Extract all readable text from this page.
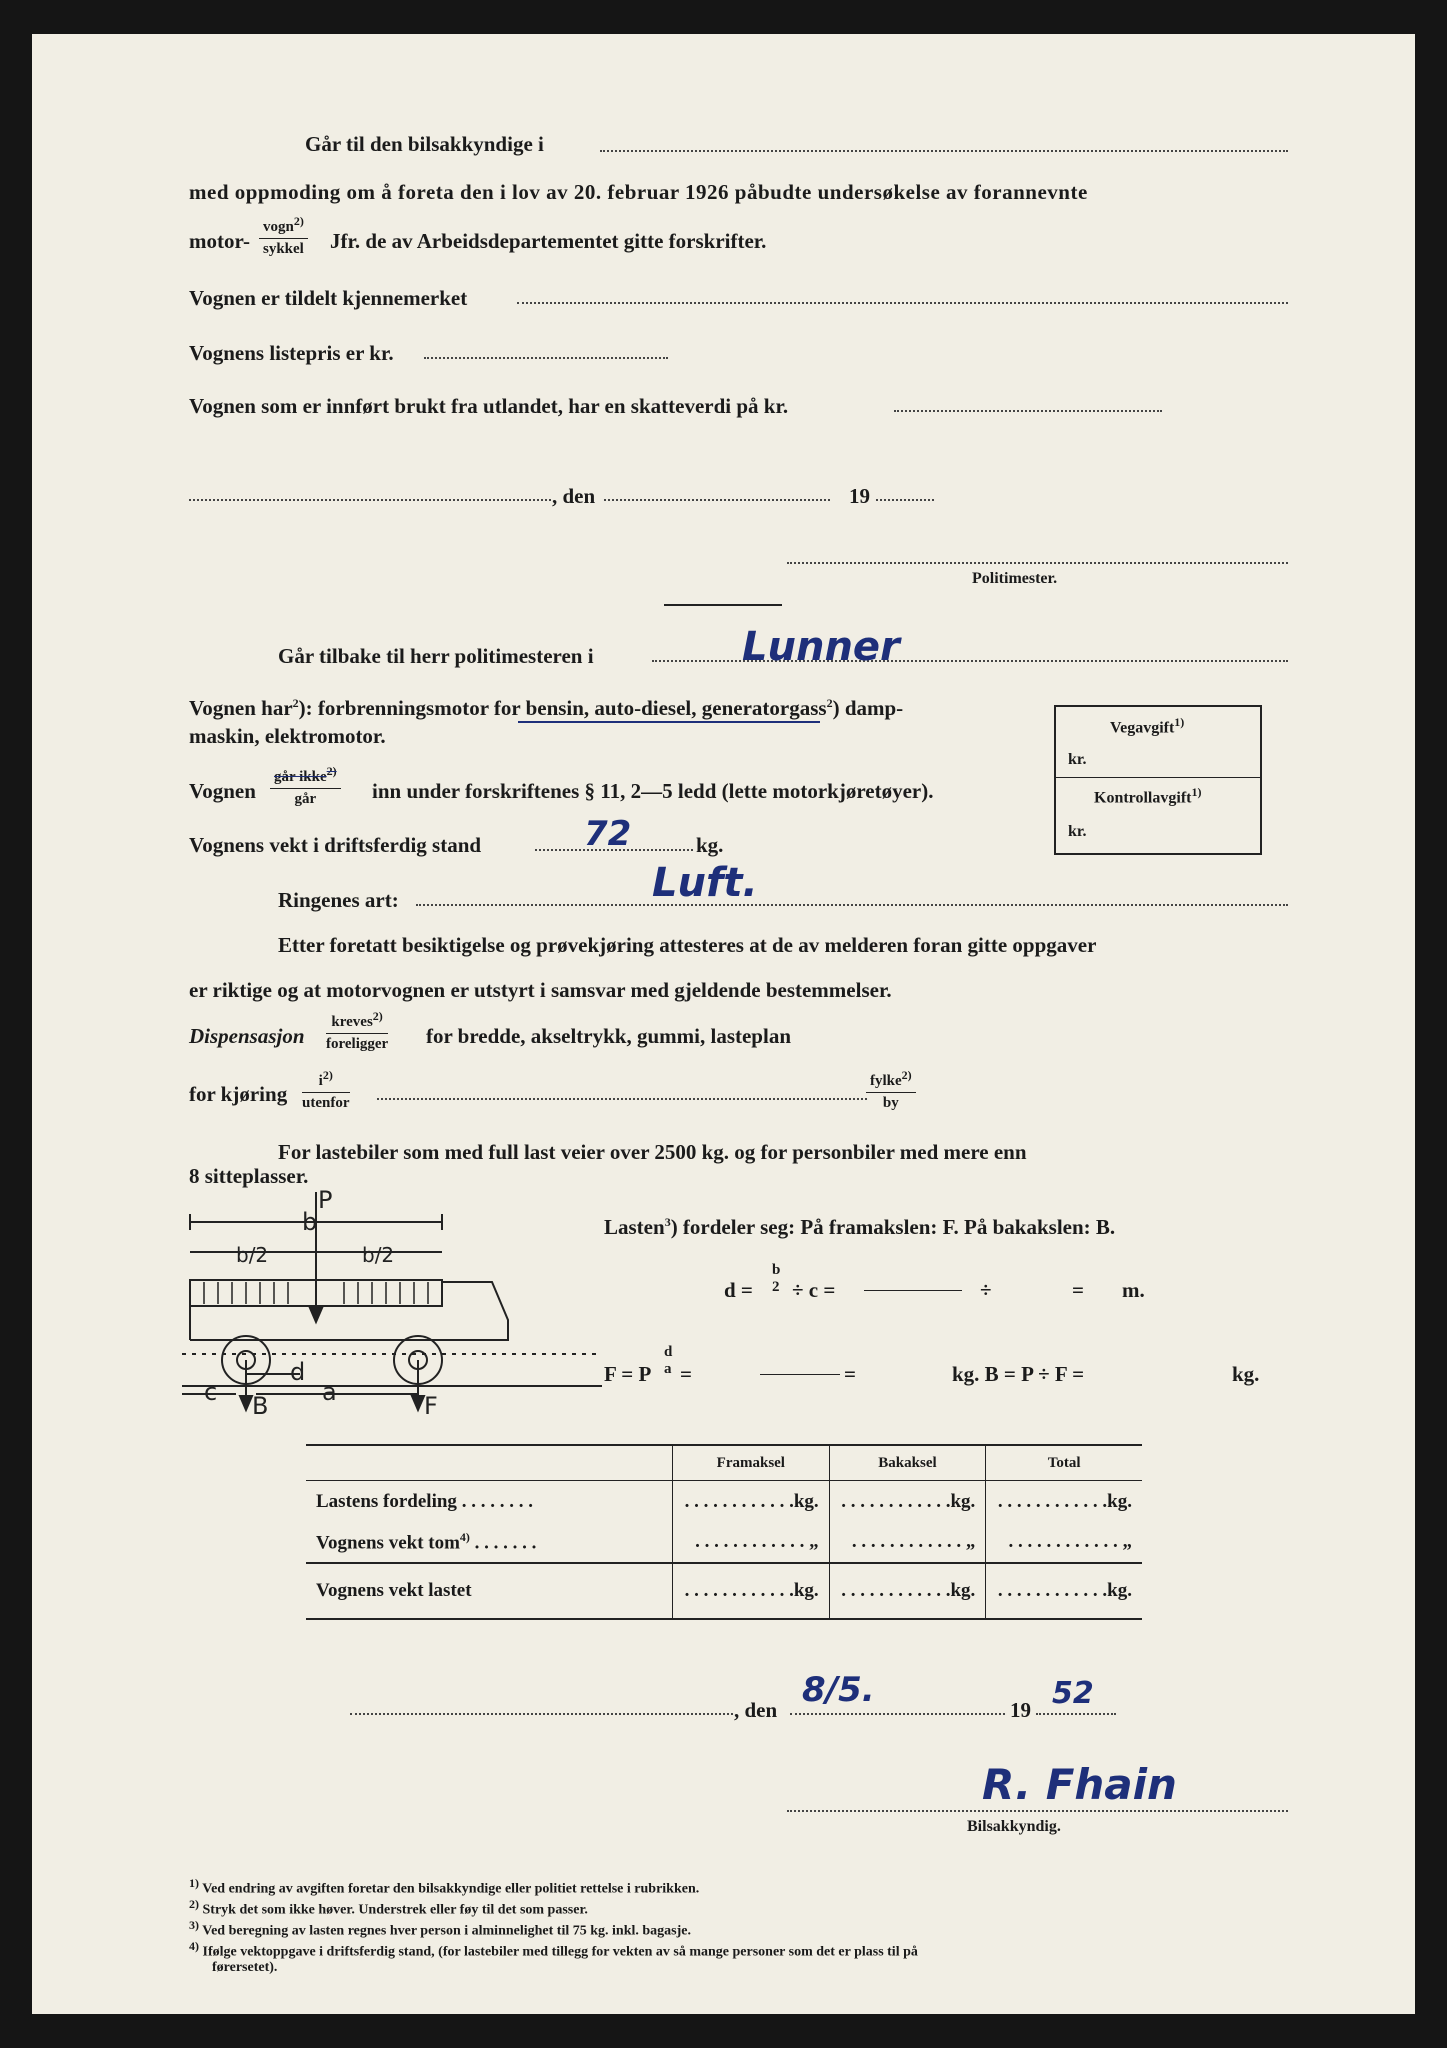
Går til den bilsakkyndige i
med oppmoding om å foreta den i lov av 20. februar 1926 påbudte undersøkelse av forannevnte
motor-
vogn$^{2)}$
sykkel Jfr. de av Arbeidsdepartementet gitte forskrifter.
Vognen er tildelt kjennemerket
Vognens listepris er kr.
Vognen som er innført brukt fra utlandet, har en skatteverdi på kr.
, den	19
Politimester.
Går tilbake til herr politimesteren i	Lunner
Vognen har$^2$): forbrenningsmotor for bensin, auto-diesel, generatorgass$^2$) damp-
maskin, elektromotor.	Vegavgift$^{1)}$
kr.
Kontrollavgift$^{1)}$
kr.
Vognen
går ikke$^{2)}$
går	inn under forskriftenes § 11, 2—5 ledd (lette motorkjøretøyer).
Vognens vekt i driftsferdig stand	72	kg.
Ringenes art:	Luft.
Etter foretatt besiktigelse og prøvekjøring attesteres at de av melderen foran gitte oppgaver
er riktige og at motorvognen er utstyrt i samsvar med gjeldende bestemmelser.
Dispensasjon
kreves$^{2)}$
foreligger for bredde, akseltrykk, gummi, lasteplan
for kjøring
$i^{2)}$
utenfor
fylke$^{2)}$
by
For lastebiler som med full last veier over 2500 kg. og for personbiler med mere enn
8 sitteplasser.
P
b
b/2	b/2
c
d
a
B	F
Lasten$^3$) fordeler seg: På framakslen: F. På bakakslen: B.
d =
b
2 ÷ c =	÷	= m.
F = P
d
a =	=	kg. B = P ÷ F =	kg.
	Framaksel	Bakaksel	Total
Lastens fordeling . . . . . . . .	. . . . . . . . . . . .kg.	. . . . . . . . . . . .kg.	. . . . . . . . . . . .kg.
Vognens vekt tom$^{4)}$ . . . . . . .	. . . . . . . . . . . . „	. . . . . . . . . . . . „	. . . . . . . . . . . . „
Vognens vekt lastet	. . . . . . . . . . . .kg.	. . . . . . . . . . . .kg.	. . . . . . . . . . . .kg.
, den 8/5.	19 52
R. Fhain
Bilsakkyndig.
$^{1)}$ Ved endring av avgiften foretar den bilsakkyndige eller politiet rettelse i rubrikken.
$^{2)}$ Stryk det som ikke høver. Understrek eller føy til det som passer.
$^{3)}$ Ved beregning av lasten regnes hver person i alminnelighet til 75 kg. inkl. bagasje.
$^{4)}$ Ifølge vektoppgave i driftsferdig stand, (for lastebiler med tillegg for vekten av så mange personer som det er plass til på
førersetet).
